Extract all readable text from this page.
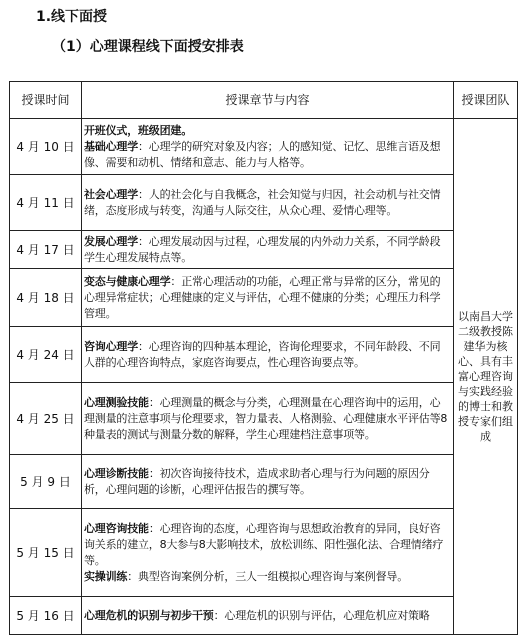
1.线下面授
（1）心理课程线下面授安排表
授课时间	授课章节与内容	授课团队
4 月 10 日	开班仪式，班级团建。
基础心理学：心理学的研究对象及内容；人的感知觉、记忆、思维言语及想像、需要和动机、情绪和意志、能力与人格等。	以南昌大学二级教授陈建华为核心、具有丰富心理咨询与实践经验的博士和教授专家们组成
4 月 11 日	社会心理学：人的社会化与自我概念，社会知觉与归因，社会动机与社交情绪，态度形成与转变，沟通与人际交往，从众心理、爱情心理等。	
4 月 17 日	发展心理学：心理发展动因与过程，心理发展的内外动力关系，不同学龄段学生心理发展特点等。	
4 月 18 日	变态与健康心理学：正常心理活动的功能，心理正常与异常的区分，常见的心理异常症状；心理健康的定义与评估，心理不健康的分类；心理压力科学管理。	
4 月 24 日	咨询心理学：心理咨询的四种基本理论，咨询伦理要求，不同年龄段、不同人群的心理咨询特点，家庭咨询要点，性心理咨询要点等。	
4 月 25 日	心理测验技能：心理测量的概念与分类，心理测量在心理咨询中的运用，心理测量的注意事项与伦理要求，智力量表、人格测验、心理健康水平评估等8种量表的测试与测量分数的解释，学生心理建档注意事项等。	
5 月 9 日	心理诊断技能：初次咨询接待技术，造成求助者心理与行为问题的原因分析，心理问题的诊断，心理评估报告的撰写等。	
5 月 15 日	心理咨询技能：心理咨询的态度，心理咨询与思想政治教育的异同，良好咨询关系的建立，8大参与8大影响技术，放松训练、阳性强化法、合理情绪疗等。
实操训练：典型咨询案例分析，三人一组模拟心理咨询与案例督导。	

5 月 16 日	心理危机的识别与初步干预：心理危机的识别与评估，心理危机应对策略	
